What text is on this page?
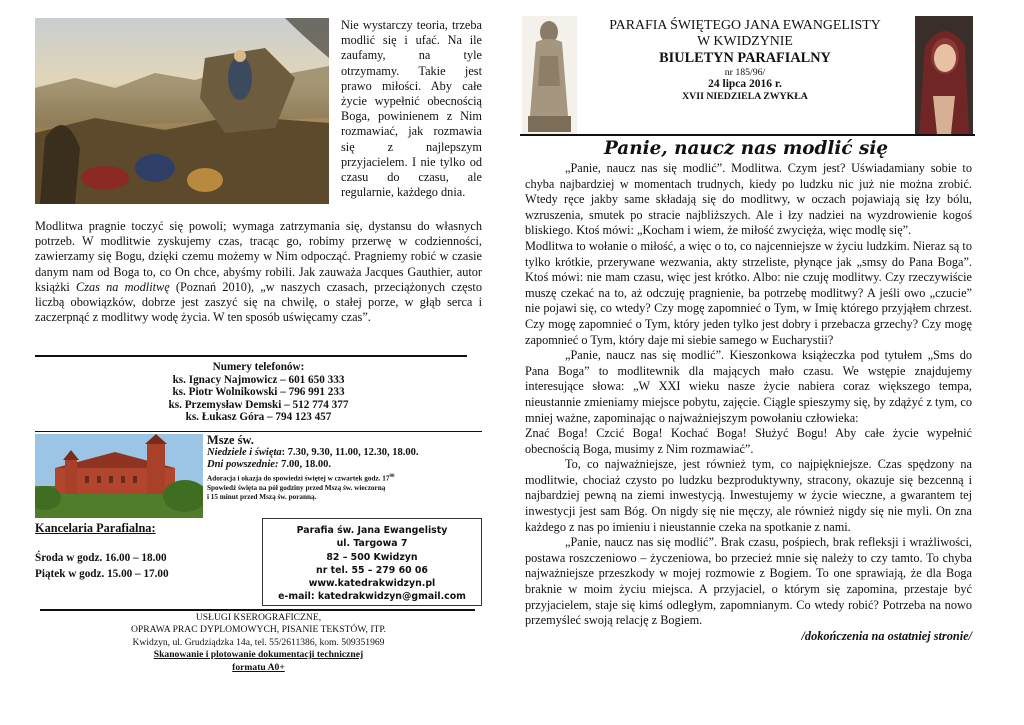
Nie wystarczy teoria, trzeba modlić się i ufać. Na ile zaufamy, na tyle otrzymamy. Takie jest prawo miłości. Aby całe życie wypełnić obecnością Boga, powinienem z Nim rozmawiać, jak rozmawia się z najlepszym przyjacielem. I nie tylko od czasu do czasu, ale regularnie, każdego dnia.
Modlitwa pragnie toczyć się powoli; wymaga zatrzymania się, dystansu do własnych potrzeb. W modlitwie zyskujemy czas, tracąc go, robimy przerwę w codzienności, zawierzamy się Bogu, dzięki czemu możemy w Nim odpocząć. Pragniemy robić w czasie danym nam od Boga to, co On chce, abyśmy robili. Jak zauważa Jacques Gauthier, autor książki Czas na modlitwę (Poznań 2010), „w naszych czasach, przeciążonych często liczbą obowiązków, dobrze jest zaszyć się na chwilę, o stałej porze, w głąb serca i zaczerpnąć z modlitwy wodę życia. W ten sposób uświęcamy czas”.
Numery telefonów:
ks. Ignacy Najmowicz – 601 650 333
ks. Piotr Wolnikowski – 796 991 233
ks. Przemysław Demski – 512 774 377
ks. Łukasz Góra – 794 123 457
Msze św.
Niedziele i święta: 7.30, 9.30, 11.00, 12.30, 18.00.
Dni powszednie: 7.00, 18.00.
Adoracja i okazja do spowiedzi świętej w czwartek godz. $17^{00}$
Spowiedź święta na pół godziny przed Mszą św. wieczorną
i 15 minut przed Mszą św. poranną.
Kancelaria Parafialna:
Środa w godz. 16.00 – 18.00
Piątek w godz. 15.00 – 17.00
Parafia św. Jana Ewangelisty
ul. Targowa 7
82 – 500 Kwidzyn
nr tel. 55 – 279 60 06
www.katedrakwidzyn.pl
e-mail: katedrakwidzyn@gmail.com
USŁUGI KSEROGRAFICZNE,
OPRAWA PRAC DYPLOMOWYCH, PISANIE TEKSTÓW, ITP.
Kwidzyn, ul. Grudziądzka 14a, tel. 55/2611386, kom. 509351969
Skanowanie i plotowanie dokumentacji technicznej
formatu A0+
PARAFIA ŚWIĘTEGO JANA EWANGELISTY
W KWIDZYNIE
BIULETYN PARAFIALNY
nr 185/96/
24 lipca 2016 r.
XVII NIEDZIELA ZWYKŁA
Panie, naucz nas modlić się

„Panie, naucz nas się modlić”. Modlitwa. Czym jest? Uświadamiany sobie to chyba najbardziej w momentach trudnych, kiedy po ludzku nic już nie można zrobić. Wtedy ręce jakby same składają się do modlitwy, w oczach pojawiają się łzy bólu, wzruszenia, smutek po stracie najbliższych. Ale i łzy nadziei na wyzdrowienie kogoś bliskiego. Ktoś mówi: „Kocham i wiem, że miłość zwycięża, więc modlę się”.

Modlitwa to wołanie o miłość, a więc o to, co najcenniejsze w życiu ludzkim. Nieraz są to tylko krótkie, przerywane wezwania, akty strzeliste, płynące jak „smsy do Pana Boga”. Ktoś mówi: nie mam czasu, więc jest krótko. Albo: nie czuję modlitwy. Czy rzeczywiście muszę czekać na to, aż odczuję pragnienie, ba potrzebę modlitwy? A jeśli owo „czucie” nie pojawi się, co wtedy? Czy mogę zapomnieć o Tym, w Imię którego przyjąłem chrzest. Czy mogę zapomnieć o Tym, który jeden tylko jest dobry i przebacza grzechy? Czy mogę zapomnieć o Tym, który daje mi siebie samego w Eucharystii?

„Panie, naucz nas się modlić”. Kieszonkowa książeczka pod tytułem „Sms do Pana Boga” to modlitewnik dla mających mało czasu. We wstępie znajdujemy interesujące słowa: „W XXI wieku nasze życie nabiera coraz większego tempa, nieustannie zmieniamy miejsce pobytu, zajęcie. Ciągle spieszymy się, by zdążyć z tym, co mniej ważne, zapominając o najważniejszym powołaniu człowieka:

Znać Boga! Czcić Boga! Kochać Boga! Służyć Bogu! Aby całe życie wypełnić obecnością Boga, musimy z Nim rozmawiać”.

To, co najważniejsze, jest również tym, co najpiękniejsze. Czas spędzony na modlitwie, chociaż czysto po ludzku bezproduktywny, stracony, okazuje się bezcenną i najbardziej pewną na ziemi inwestycją. Inwestujemy w życie wieczne, a gwarantem tej inwestycji jest sam Bóg. On nigdy się nie męczy, ale również nigdy się nie myli. On zna każdego z nas po imieniu i nieustannie czeka na spotkanie z nami.

„Panie, naucz nas się modlić”. Brak czasu, pośpiech, brak refleksji i wrażliwości, postawa roszczeniowo – życzeniowa, bo przecież mnie się należy to czy tamto. To chyba najważniejsze przeszkody w mojej rozmowie z Bogiem. To one sprawiają, że dla Boga braknie w moim życiu miejsca. A przyjaciel, o którym się zapomina, przestaje być przyjacielem, staje się kimś odległym, zapomnianym. Co wtedy robić? Potrzeba na nowo przemyśleć swoją relację z Bogiem.

/dokończenia na ostatniej stronie/
